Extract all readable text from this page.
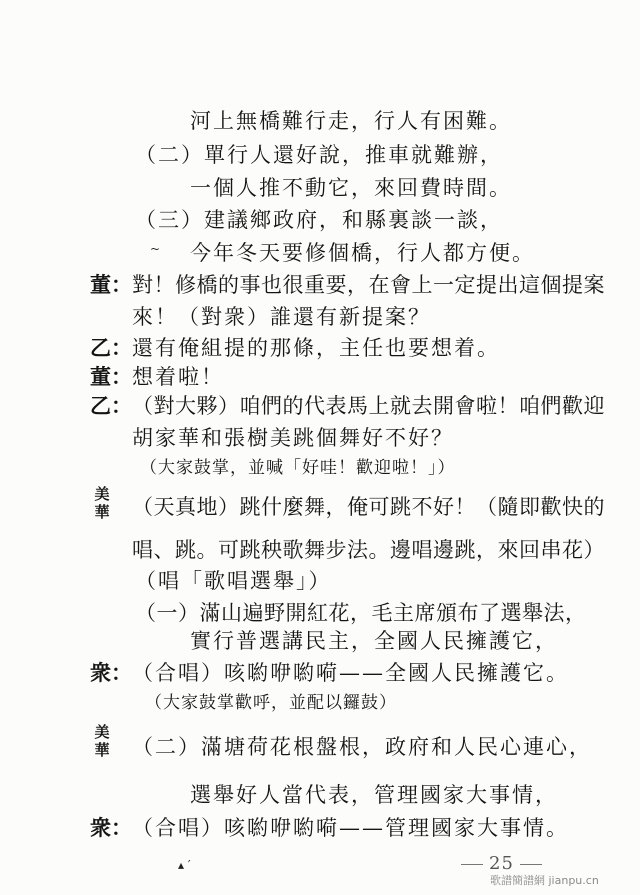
河上無橋難行走，行人有困難。
（二）單行人還好說，推車就難辦，
一個人推不動它，來回費時間。
（三）建議鄉政府，和縣裏談一談，
~ 今年冬天要修個橋，行人都方便。
董： 對！修橋的事也很重要，在會上一定提出這個提案
來！（對衆）誰還有新提案？
乙： 還有俺組提的那條，主任也要想着。
董： 想着啦！
乙： （對大夥）咱們的代表馬上就去開會啦！咱們歡迎
胡家華和張樹美跳個舞好不好？
（大家鼓掌，並喊「好哇！歡迎啦！」）
美
華 （天真地）跳什麼舞，俺可跳不好！（隨即歡快的
唱、跳。可跳秧歌舞步法。邊唱邊跳，來回串花）
（唱「歌唱選舉」）
（一）滿山遍野開紅花，毛主席頒布了選舉法，
實行普選講民主，全國人民擁護它，
衆： （合唱）咳喲咿喲嗬——全國人民擁護它。
（大家鼓掌歡呼，並配以鑼鼓）
美
華 （二）滿塘荷花根盤根，政府和人民心連心，
選舉好人當代表，管理國家大事情，
衆： （合唱）咳喲咿喲嗬——管理國家大事情。
▴ ′	25
歌譜簡譜網 jianpu.cn
